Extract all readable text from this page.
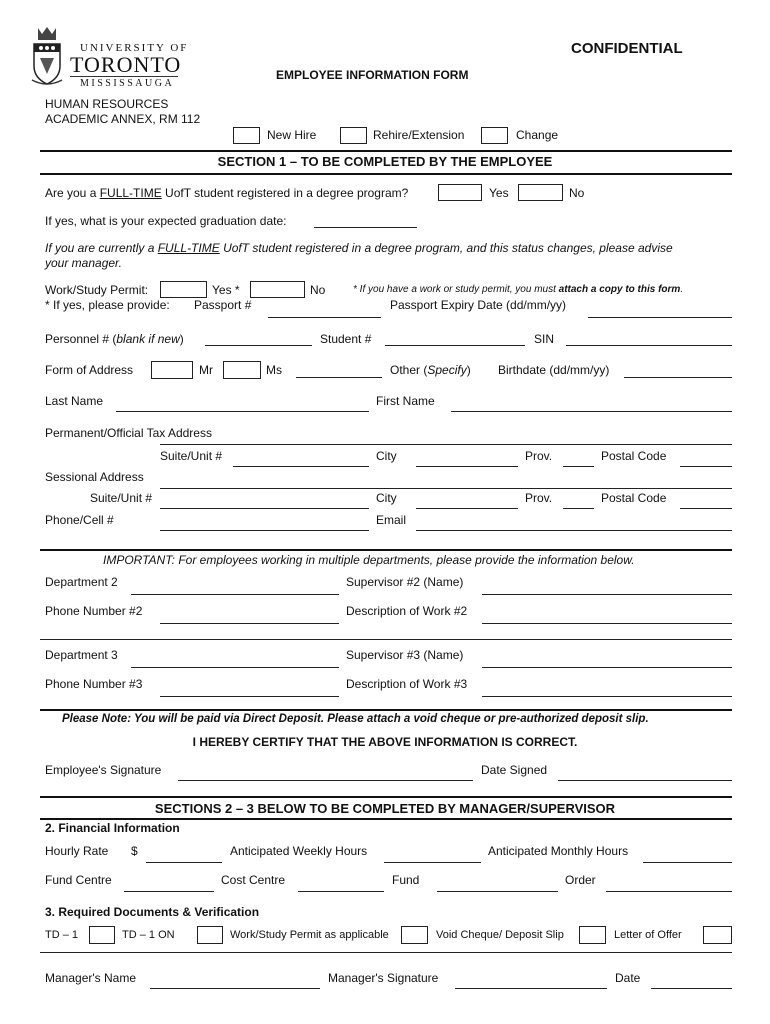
UNIVERSITY OF
TORONTO
MISSISSAUGA
CONFIDENTIAL
EMPLOYEE INFORMATION FORM
HUMAN RESOURCES
ACADEMIC ANNEX, RM 112
New Hire	Rehire/Extension	Change
SECTION 1 – TO BE COMPLETED BY THE EMPLOYEE
Are you a FULL-TIME UofT student registered in a degree program?	Yes	No
If yes, what is your expected graduation date:
If you are currently a FULL-TIME UofT student registered in a degree program, and this status changes, please advise
your manager.
Work/Study Permit:	Yes *	No	* If you have a work or study permit, you must attach a copy to this form.
* If yes, please provide: Passport #	Passport Expiry Date (dd/mm/yy)
Personnel # (blank if new)	Student #	SIN
Form of Address	Mr	Ms	Other (Specify) Birthdate (dd/mm/yy)
Last Name	First Name
Permanent/Official Tax Address
Suite/Unit #	City	Prov.	Postal Code
Sessional Address
Suite/Unit #	City	Prov.	Postal Code
Phone/Cell #	Email
IMPORTANT: For employees working in multiple departments, please provide the information below.
Department 2	Supervisor #2 (Name)
Phone Number #2	Description of Work #2
Department 3	Supervisor #3 (Name)
Phone Number #3	Description of Work #3
Please Note: You will be paid via Direct Deposit. Please attach a void cheque or pre-authorized deposit slip.
I HEREBY CERTIFY THAT THE ABOVE INFORMATION IS CORRECT.
Employee's Signature	Date Signed
SECTIONS 2 – 3 BELOW TO BE COMPLETED BY MANAGER/SUPERVISOR
2. Financial Information
Hourly Rate $	Anticipated Weekly Hours	Anticipated Monthly Hours
Fund Centre	Cost Centre	Fund	Order
3. Required Documents & Verification
TD – 1	TD – 1 ON	Work/Study Permit as applicable	Void Cheque/ Deposit Slip	Letter of Offer
Manager's Name	Manager's Signature	Date
